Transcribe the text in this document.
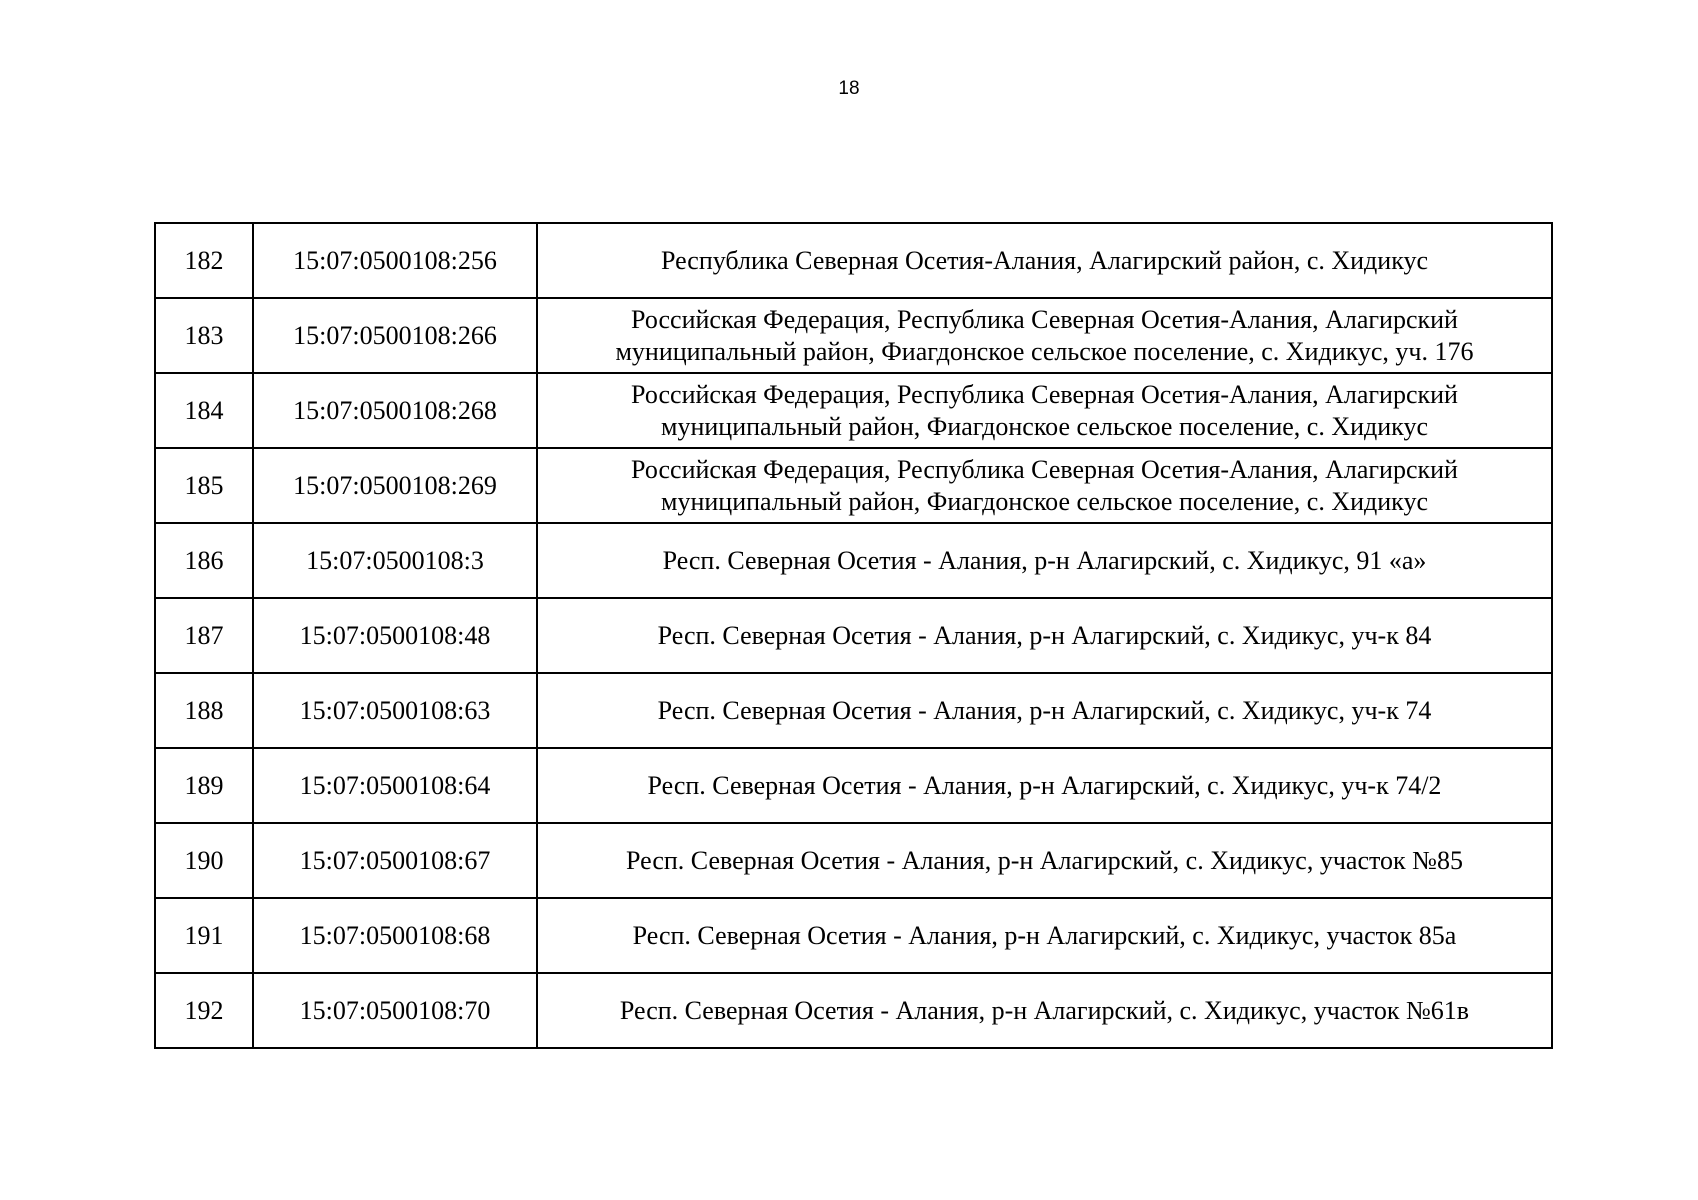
18
182	15:07:0500108:256	Республика Северная Осетия-Алания, Алагирский район, с. Хидикус
183	15:07:0500108:266	Российская Федерация, Республика Северная Осетия-Алания, Алагирский муниципальный район, Фиагдонское сельское поселение, с. Хидикус, уч. 176
184	15:07:0500108:268	Российская Федерация, Республика Северная Осетия-Алания, Алагирский муниципальный район, Фиагдонское сельское поселение, с. Хидикус
185	15:07:0500108:269	Российская Федерация, Республика Северная Осетия-Алания, Алагирский муниципальный район, Фиагдонское сельское поселение, с. Хидикус
186	15:07:0500108:3	Респ. Северная Осетия - Алания, р-н Алагирский, с. Хидикус, 91 «а»
187	15:07:0500108:48	Респ. Северная Осетия - Алания, р-н Алагирский, с. Хидикус, уч-к 84
188	15:07:0500108:63	Респ. Северная Осетия - Алания, р-н Алагирский, с. Хидикус, уч-к 74
189	15:07:0500108:64	Респ. Северная Осетия - Алания, р-н Алагирский, с. Хидикус, уч-к 74/2
190	15:07:0500108:67	Респ. Северная Осетия - Алания, р-н Алагирский, с. Хидикус, участок №85
191	15:07:0500108:68	Респ. Северная Осетия - Алания, р-н Алагирский, с. Хидикус, участок 85а
192	15:07:0500108:70	Респ. Северная Осетия - Алания, р-н Алагирский, с. Хидикус, участок №61в
